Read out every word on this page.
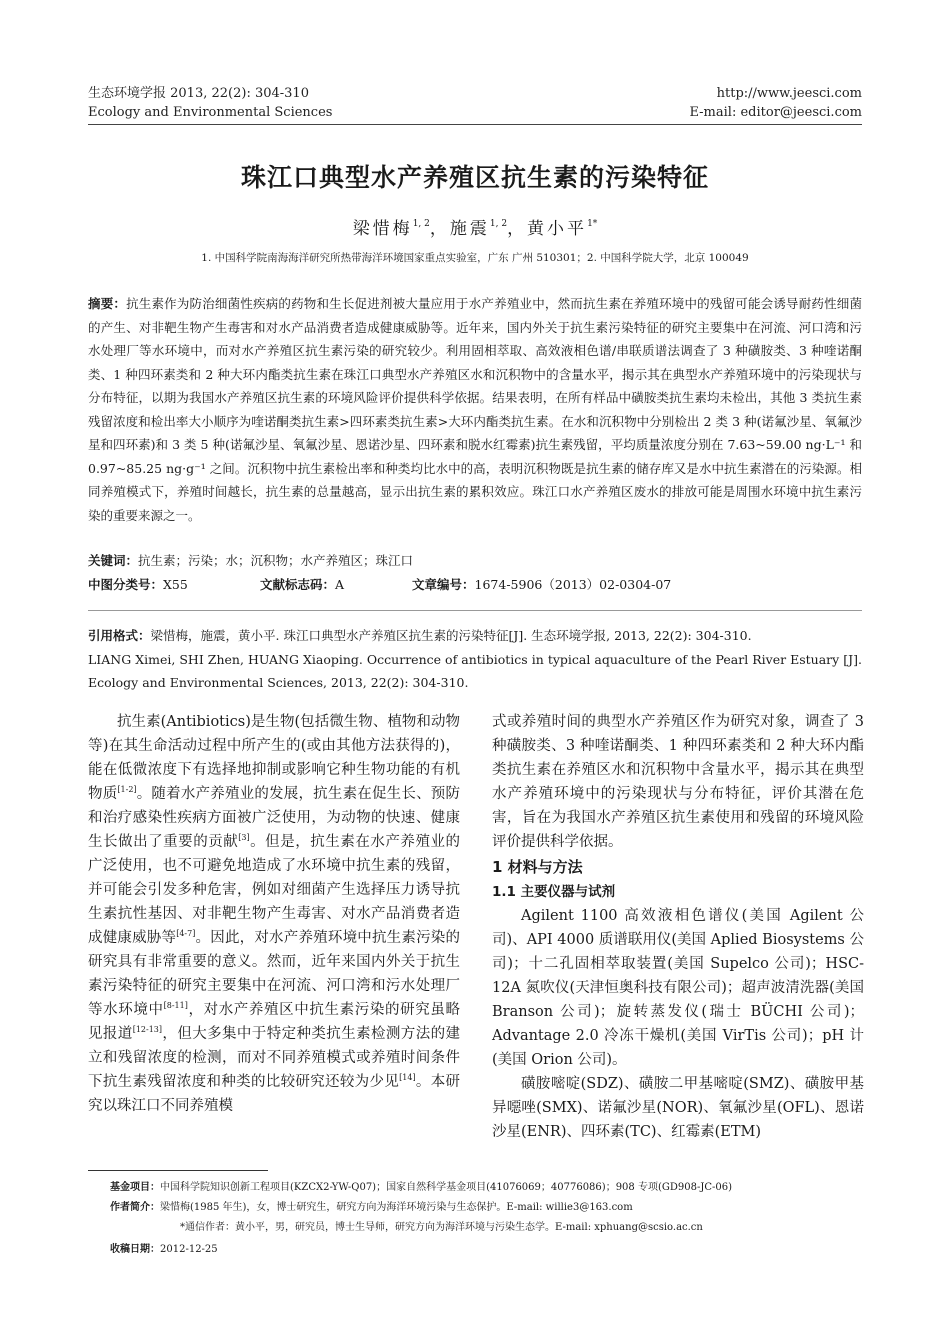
生态环境学报 2013, 22(2): 304-310
Ecology and Environmental Sciences
http://www.jeesci.com
E-mail: editor@jeesci.com
珠江口典型水产养殖区抗生素的污染特征
梁惜梅$^{1, 2}$，施震$^{1, 2}$，黄小平$^{1*}$
1. 中国科学院南海海洋研究所热带海洋环境国家重点实验室，广东 广州 510301；2. 中国科学院大学，北京 100049
摘要：抗生素作为防治细菌性疾病的药物和生长促进剂被大量应用于水产养殖业中，然而抗生素在养殖环境中的残留可能会诱导耐药性细菌的产生、对非靶生物产生毒害和对水产品消费者造成健康威胁等。近年来，国内外关于抗生素污染特征的研究主要集中在河流、河口湾和污水处理厂等水环境中，而对水产养殖区抗生素污染的研究较少。利用固相萃取、高效液相色谱/串联质谱法调查了 3 种磺胺类、3 种喹诺酮类、1 种四环素类和 2 种大环内酯类抗生素在珠江口典型水产养殖区水和沉积物中的含量水平，揭示其在典型水产养殖环境中的污染现状与分布特征，以期为我国水产养殖区抗生素的环境风险评价提供科学依据。结果表明，在所有样品中磺胺类抗生素均未检出，其他 3 类抗生素残留浓度和检出率大小顺序为喹诺酮类抗生素>四环素类抗生素>大环内酯类抗生素。在水和沉积物中分别检出 2 类 3 种(诺氟沙星、氧氟沙星和四环素)和 3 类 5 种(诺氟沙星、氧氟沙星、恩诺沙星、四环素和脱水红霉素)抗生素残留，平均质量浓度分别在 7.63~59.00 ng·L⁻¹ 和 0.97~85.25 ng·g⁻¹ 之间。沉积物中抗生素检出率和种类均比水中的高，表明沉积物既是抗生素的储存库又是水中抗生素潜在的污染源。相同养殖模式下，养殖时间越长，抗生素的总量越高，显示出抗生素的累积效应。珠江口水产养殖区废水的排放可能是周围水环境中抗生素污染的重要来源之一。
关键词：抗生素；污染；水；沉积物；水产养殖区；珠江口
中图分类号：X55	文献标志码：A	文章编号：1674-5906（2013）02-0304-07
引用格式：梁惜梅，施震，黄小平. 珠江口典型水产养殖区抗生素的污染特征[J]. 生态环境学报, 2013, 22(2): 304-310.
LIANG Ximei, SHI Zhen, HUANG Xiaoping. Occurrence of antibiotics in typical aquaculture of the Pearl River Estuary [J]. Ecology and Environmental Sciences, 2013, 22(2): 304-310.

抗生素(Antibiotics)是生物(包括微生物、植物和动物等)在其生命活动过程中所产生的(或由其他方法获得的)，能在低微浓度下有选择地抑制或影响它种生物功能的有机物质[1-2]。随着水产养殖业的发展，抗生素在促生长、预防和治疗感染性疾病方面被广泛使用，为动物的快速、健康生长做出了重要的贡献[3]。但是，抗生素在水产养殖业的广泛使用，也不可避免地造成了水环境中抗生素的残留，并可能会引发多种危害，例如对细菌产生选择压力诱导抗生素抗性基因、对非靶生物产生毒害、对水产品消费者造成健康威胁等[4-7]。因此，对水产养殖环境中抗生素污染的研究具有非常重要的意义。然而，近年来国内外关于抗生素污染特征的研究主要集中在河流、河口湾和污水处理厂等水环境中[8-11]，对水产养殖区中抗生素污染的研究虽略见报道[12-13]，但大多集中于特定种类抗生素检测方法的建立和残留浓度的检测，而对不同养殖模式或养殖时间条件下抗生素残留浓度和种类的比较研究还较为少见[14]。本研究以珠江口不同养殖模

式或养殖时间的典型水产养殖区作为研究对象，调查了 3 种磺胺类、3 种喹诺酮类、1 种四环素类和 2 种大环内酯类抗生素在养殖区水和沉积物中含量水平，揭示其在典型水产养殖环境中的污染现状与分布特征，评价其潜在危害，旨在为我国水产养殖区抗生素使用和残留的环境风险评价提供科学依据。

1 材料与方法
1.1 主要仪器与试剂

Agilent 1100 高效液相色谱仪(美国 Agilent 公司)、API 4000 质谱联用仪(美国 Aplied Biosystems 公司)；十二孔固相萃取装置(美国 Supelco 公司)；HSC-12A 氮吹仪(天津恒奥科技有限公司)；超声波清洗器(美国 Branson 公司)；旋转蒸发仪(瑞士 BÜCHI 公司)；Advantage 2.0 冷冻干燥机(美国 VirTis 公司)；pH 计(美国 Orion 公司)。

磺胺嘧啶(SDZ)、磺胺二甲基嘧啶(SMZ)、磺胺甲基异噁唑(SMX)、诺氟沙星(NOR)、氧氟沙星(OFL)、恩诺沙星(ENR)、四环素(TC)、红霉素(ETM)

基金项目：中国科学院知识创新工程项目(KZCX2-YW-Q07)；国家自然科学基金项目(41076069；40776086)；908 专项(GD908-JC-06)
作者简介：梁惜梅(1985 年生)，女，博士研究生，研究方向为海洋环境污染与生态保护。E-mail: willie3@163.com
*通信作者：黄小平，男，研究员，博士生导师，研究方向为海洋环境与污染生态学。E-mail: xphuang@scsio.ac.cn
收稿日期：2012-12-25
